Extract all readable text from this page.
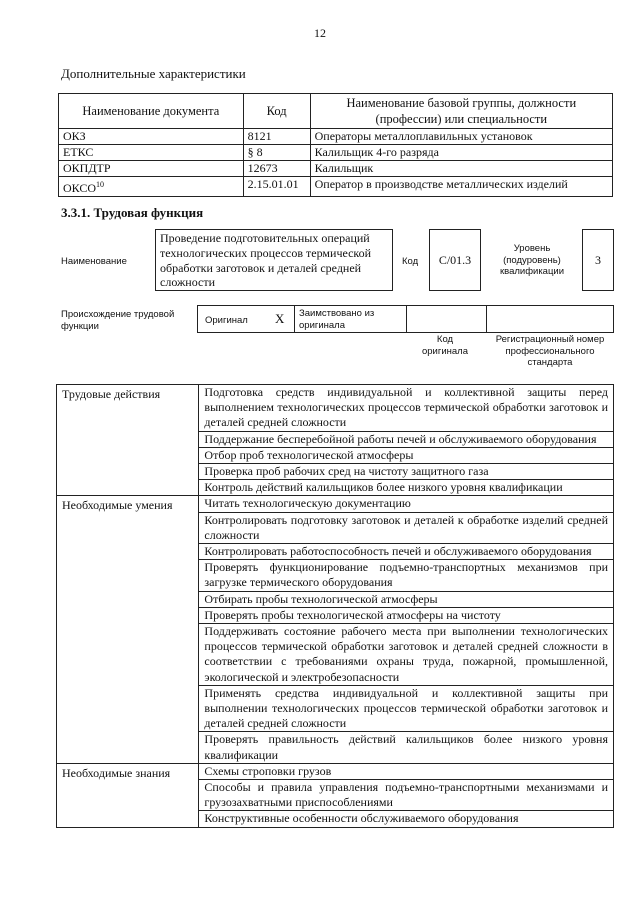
12
Дополнительные характеристики
Наименование документа	Код	Наименование базовой группы, должности (профессии) или специальности
ОКЗ	8121	Операторы металлоплавильных установок
ЕТКС	§ 8	Калильщик 4-го разряда
ОКПДТР	12673	Калильщик
ОКСО$^{10}$	2.15.01.01	Оператор в производстве металлических изделий
3.3.1. Трудовая функция
Наименование
Проведение подготовительных операций технологических процессов термической обработки заготовок и деталей средней сложности
Код С/01.3
Уровень (подуровень) квалификации
3
Происхождение трудовой функции	Оригинал X Заимствовано из оригинала
Код оригинала
Регистрационный номер профессионального стандарта
Трудовые действия	Подготовка средств индивидуальной и коллективной защиты перед выполнением технологических процессов термической обработки заготовок и деталей средней сложности
	Поддержание бесперебойной работы печей и обслуживаемого оборудования
	Отбор проб технологической атмосферы
	Проверка проб рабочих сред на чистоту защитного газа
	Контроль действий калильщиков более низкого уровня квалификации
Необходимые умения	Читать технологическую документацию
	Контролировать подготовку заготовок и деталей к обработке изделий средней сложности
	Контролировать работоспособность печей и обслуживаемого оборудования
	Проверять функционирование подъемно-транспортных механизмов при загрузке термического оборудования
	Отбирать пробы технологической атмосферы
	Проверять пробы технологической атмосферы на чистоту
	Поддерживать состояние рабочего места при выполнении технологических процессов термической обработки заготовок и деталей средней сложности в соответствии с требованиями охраны труда, пожарной, промышленной, экологической и электробезопасности
	Применять средства индивидуальной и коллективной защиты при выполнении технологических процессов термической обработки заготовок и деталей средней сложности
	Проверять правильность действий калильщиков более низкого уровня квалификации
Необходимые знания	Схемы строповки грузов
	Способы и правила управления подъемно-транспортными механизмами и грузозахватными приспособлениями
	Конструктивные особенности обслуживаемого оборудования
